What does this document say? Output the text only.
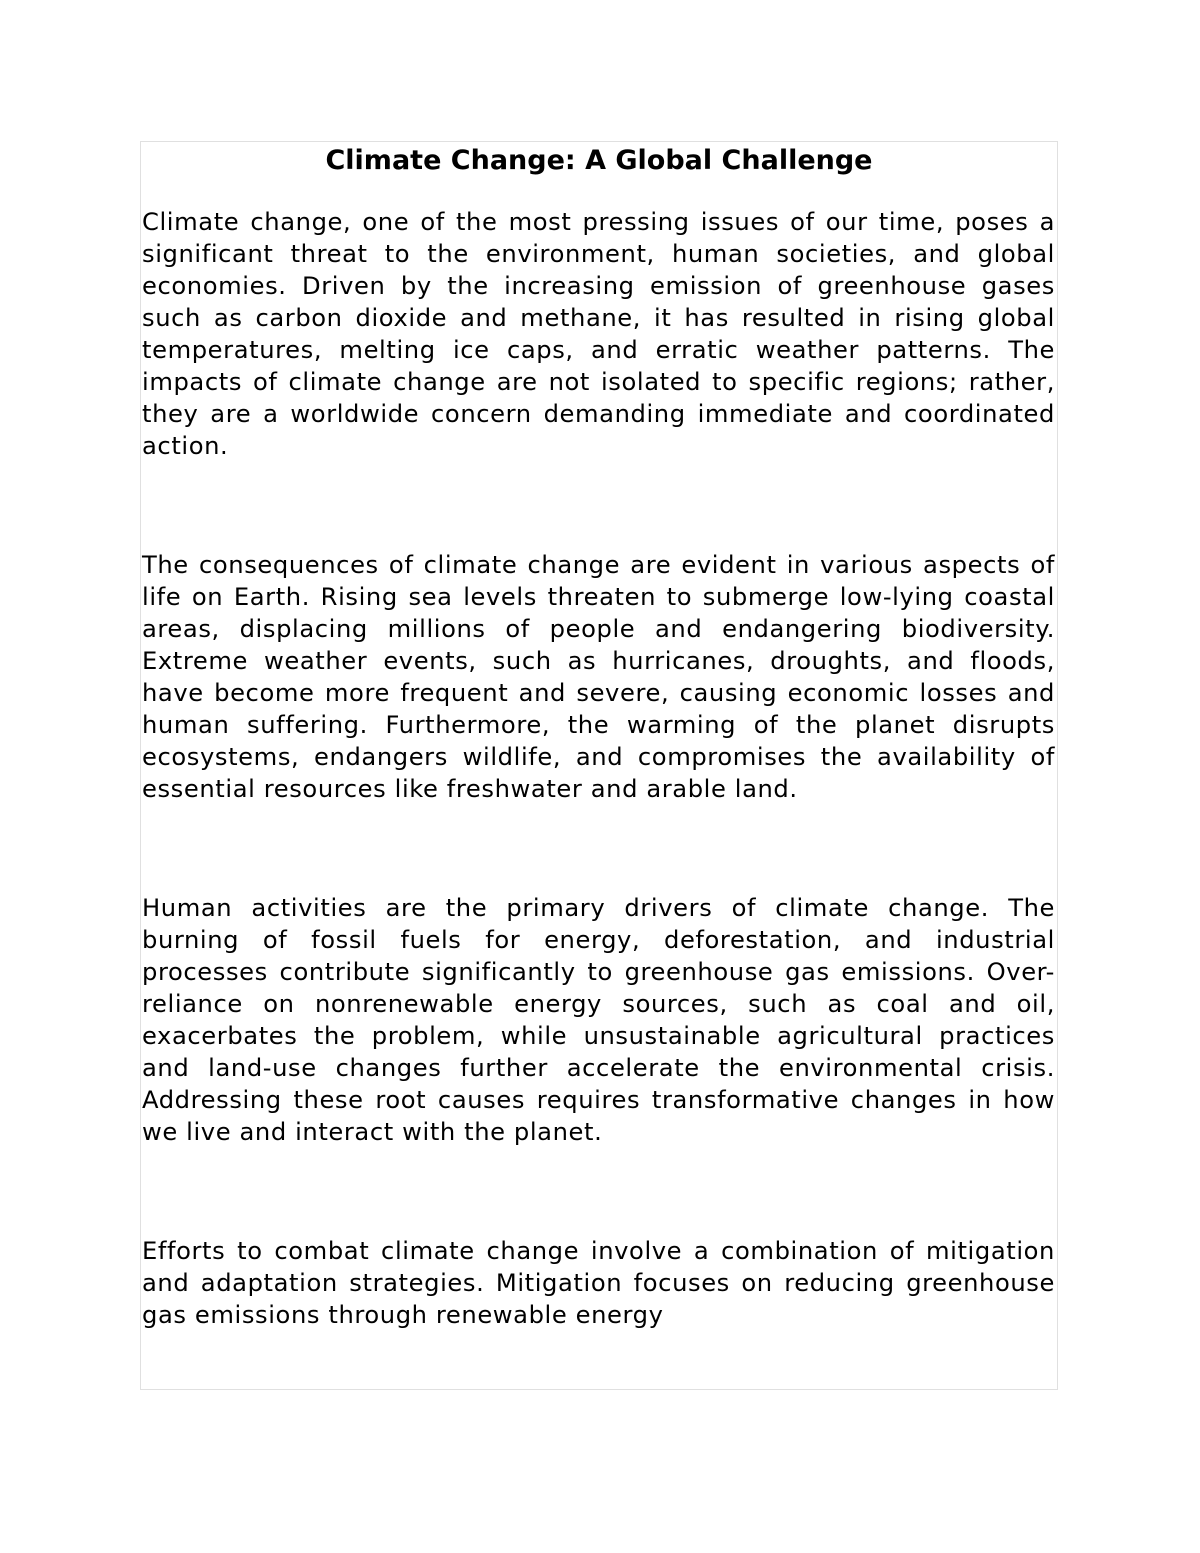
Climate Change: A Global Challenge

Climate change, one of the most pressing issues of our time, poses a significant threat to the environment, human societies, and global economies. Driven by the increasing emission of greenhouse gases such as carbon dioxide and methane, it has resulted in rising global temperatures, melting ice caps, and erratic weather patterns. The impacts of climate change are not isolated to specific regions; rather, they are a worldwide concern demanding immediate and coordinated action.

The consequences of climate change are evident in various aspects of life on Earth. Rising sea levels threaten to submerge low-lying coastal areas, displacing millions of people and endangering biodiversity. Extreme weather events, such as hurricanes, droughts, and floods, have become more frequent and severe, causing economic losses and human suffering. Furthermore, the warming of the planet disrupts ecosystems, endangers wildlife, and compromises the availability of essential resources like freshwater and arable land.

Human activities are the primary drivers of climate change. The burning of fossil fuels for energy, deforestation, and industrial processes contribute significantly to greenhouse gas emissions. Over-reliance on nonrenewable energy sources, such as coal and oil, exacerbates the problem, while unsustainable agricultural practices and land-use changes further accelerate the environmental crisis. Addressing these root causes requires transformative changes in how we live and interact with the planet.

Efforts to combat climate change involve a combination of mitigation and adaptation strategies. Mitigation focuses on reducing greenhouse gas emissions through renewable energy
